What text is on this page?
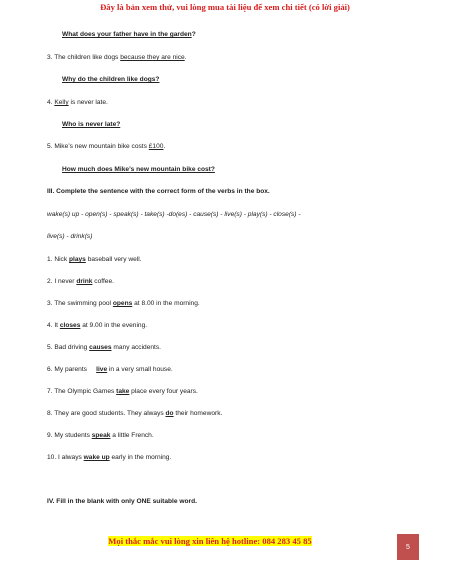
Đây là bản xem thử, vui lòng mua tài liệu để xem chi tiết (có lời giải)
What does your father have in the garden?
3. The children like dogs because they are nice.
Why do the children like dogs?
4. Kelly is never late.
Who is never late?
5. Mike’s new mountain bike costs £100.
How much does Mike’s new mountain bike cost?
III. Complete the sentence with the correct form of the verbs in the box.
wake(s) up - open(s) - speak(s) - take(s) -do(es) - cause(s) - live(s) - play(s) - close(s) -
live(s) - drink(s)
1. Nick plays baseball very well.
2. I never drink coffee.
3. The swimming pool opens at 8.00 in the morning.
4. It closes at 9.00 in the evening.
5. Bad driving causes many accidents.
6. My parents     live in a very small house.
7. The Olympic Games take place every four years.
8. They are good students. They always do their homework.
9. My students speak a little French.
10. I always wake up early in the morning.
IV. Fill in the blank with only ONE suitable word.
Mọi thắc mắc vui lòng xin liên hệ hotline: 084 283 45 85
5
